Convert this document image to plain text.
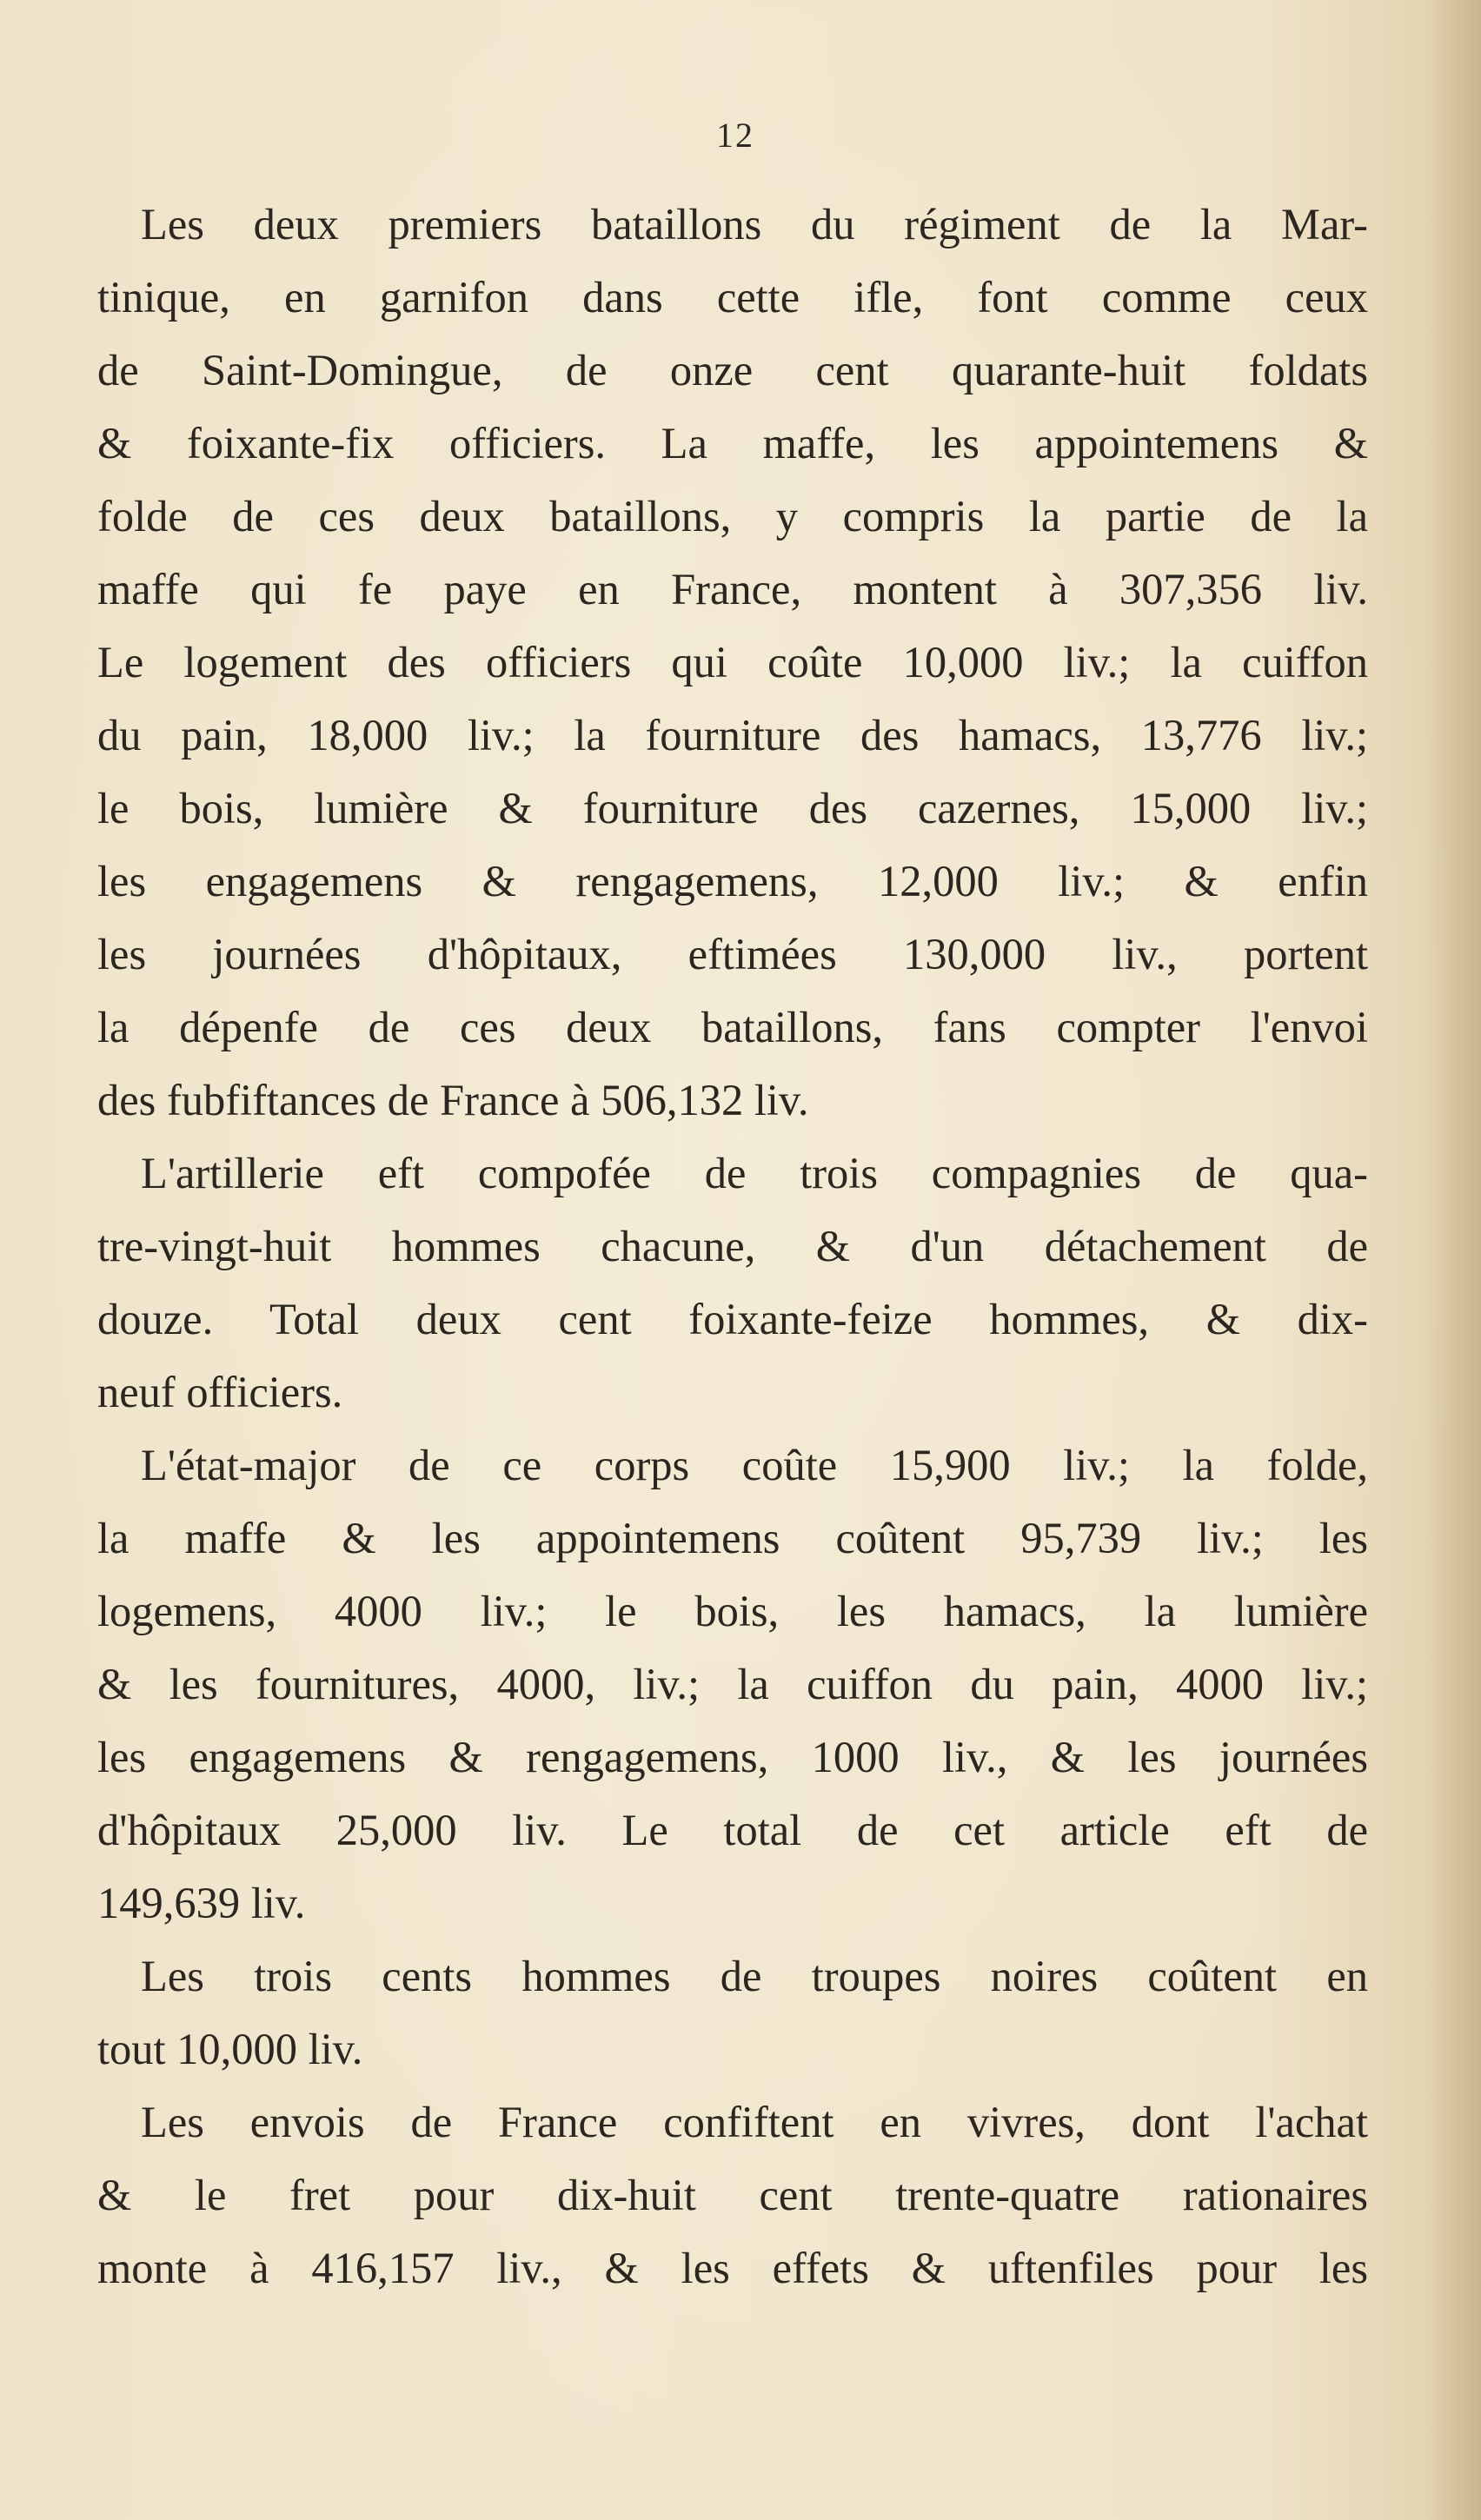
12
Les deux premiers bataillons du régiment de la Mar-
tinique, en garnifon dans cette ifle, font comme ceux
de Saint-Domingue, de onze cent quarante-huit foldats
& foixante-fix officiers. La maffe, les appointemens &
folde de ces deux bataillons, y compris la partie de la
maffe qui fe paye en France, montent à 307,356 liv.
Le logement des officiers qui coûte 10,000 liv.; la cuiffon
du pain, 18,000 liv.; la fourniture des hamacs, 13,776 liv.;
le bois, lumière & fourniture des cazernes, 15,000 liv.;
les engagemens & rengagemens, 12,000 liv.; & enfin
les journées d'hôpitaux, eftimées 130,000 liv., portent
la dépenfe de ces deux bataillons, fans compter l'envoi
des fubfiftances de France à 506,132 liv.
L'artillerie eft compofée de trois compagnies de qua-
tre-vingt-huit hommes chacune, & d'un détachement de
douze. Total deux cent foixante-feize hommes, & dix-
neuf officiers.
L'état-major de ce corps coûte 15,900 liv.; la folde,
la maffe & les appointemens coûtent 95,739 liv.; les
logemens, 4000 liv.; le bois, les hamacs, la lumière
& les fournitures, 4000, liv.; la cuiffon du pain, 4000 liv.;
les engagemens & rengagemens, 1000 liv., & les journées
d'hôpitaux 25,000 liv. Le total de cet article eft de
149,639 liv.
Les trois cents hommes de troupes noires coûtent en
tout 10,000 liv.
Les envois de France confiftent en vivres, dont l'achat
& le fret pour dix-huit cent trente-quatre rationaires
monte à 416,157 liv., & les effets & uftenfiles pour les
